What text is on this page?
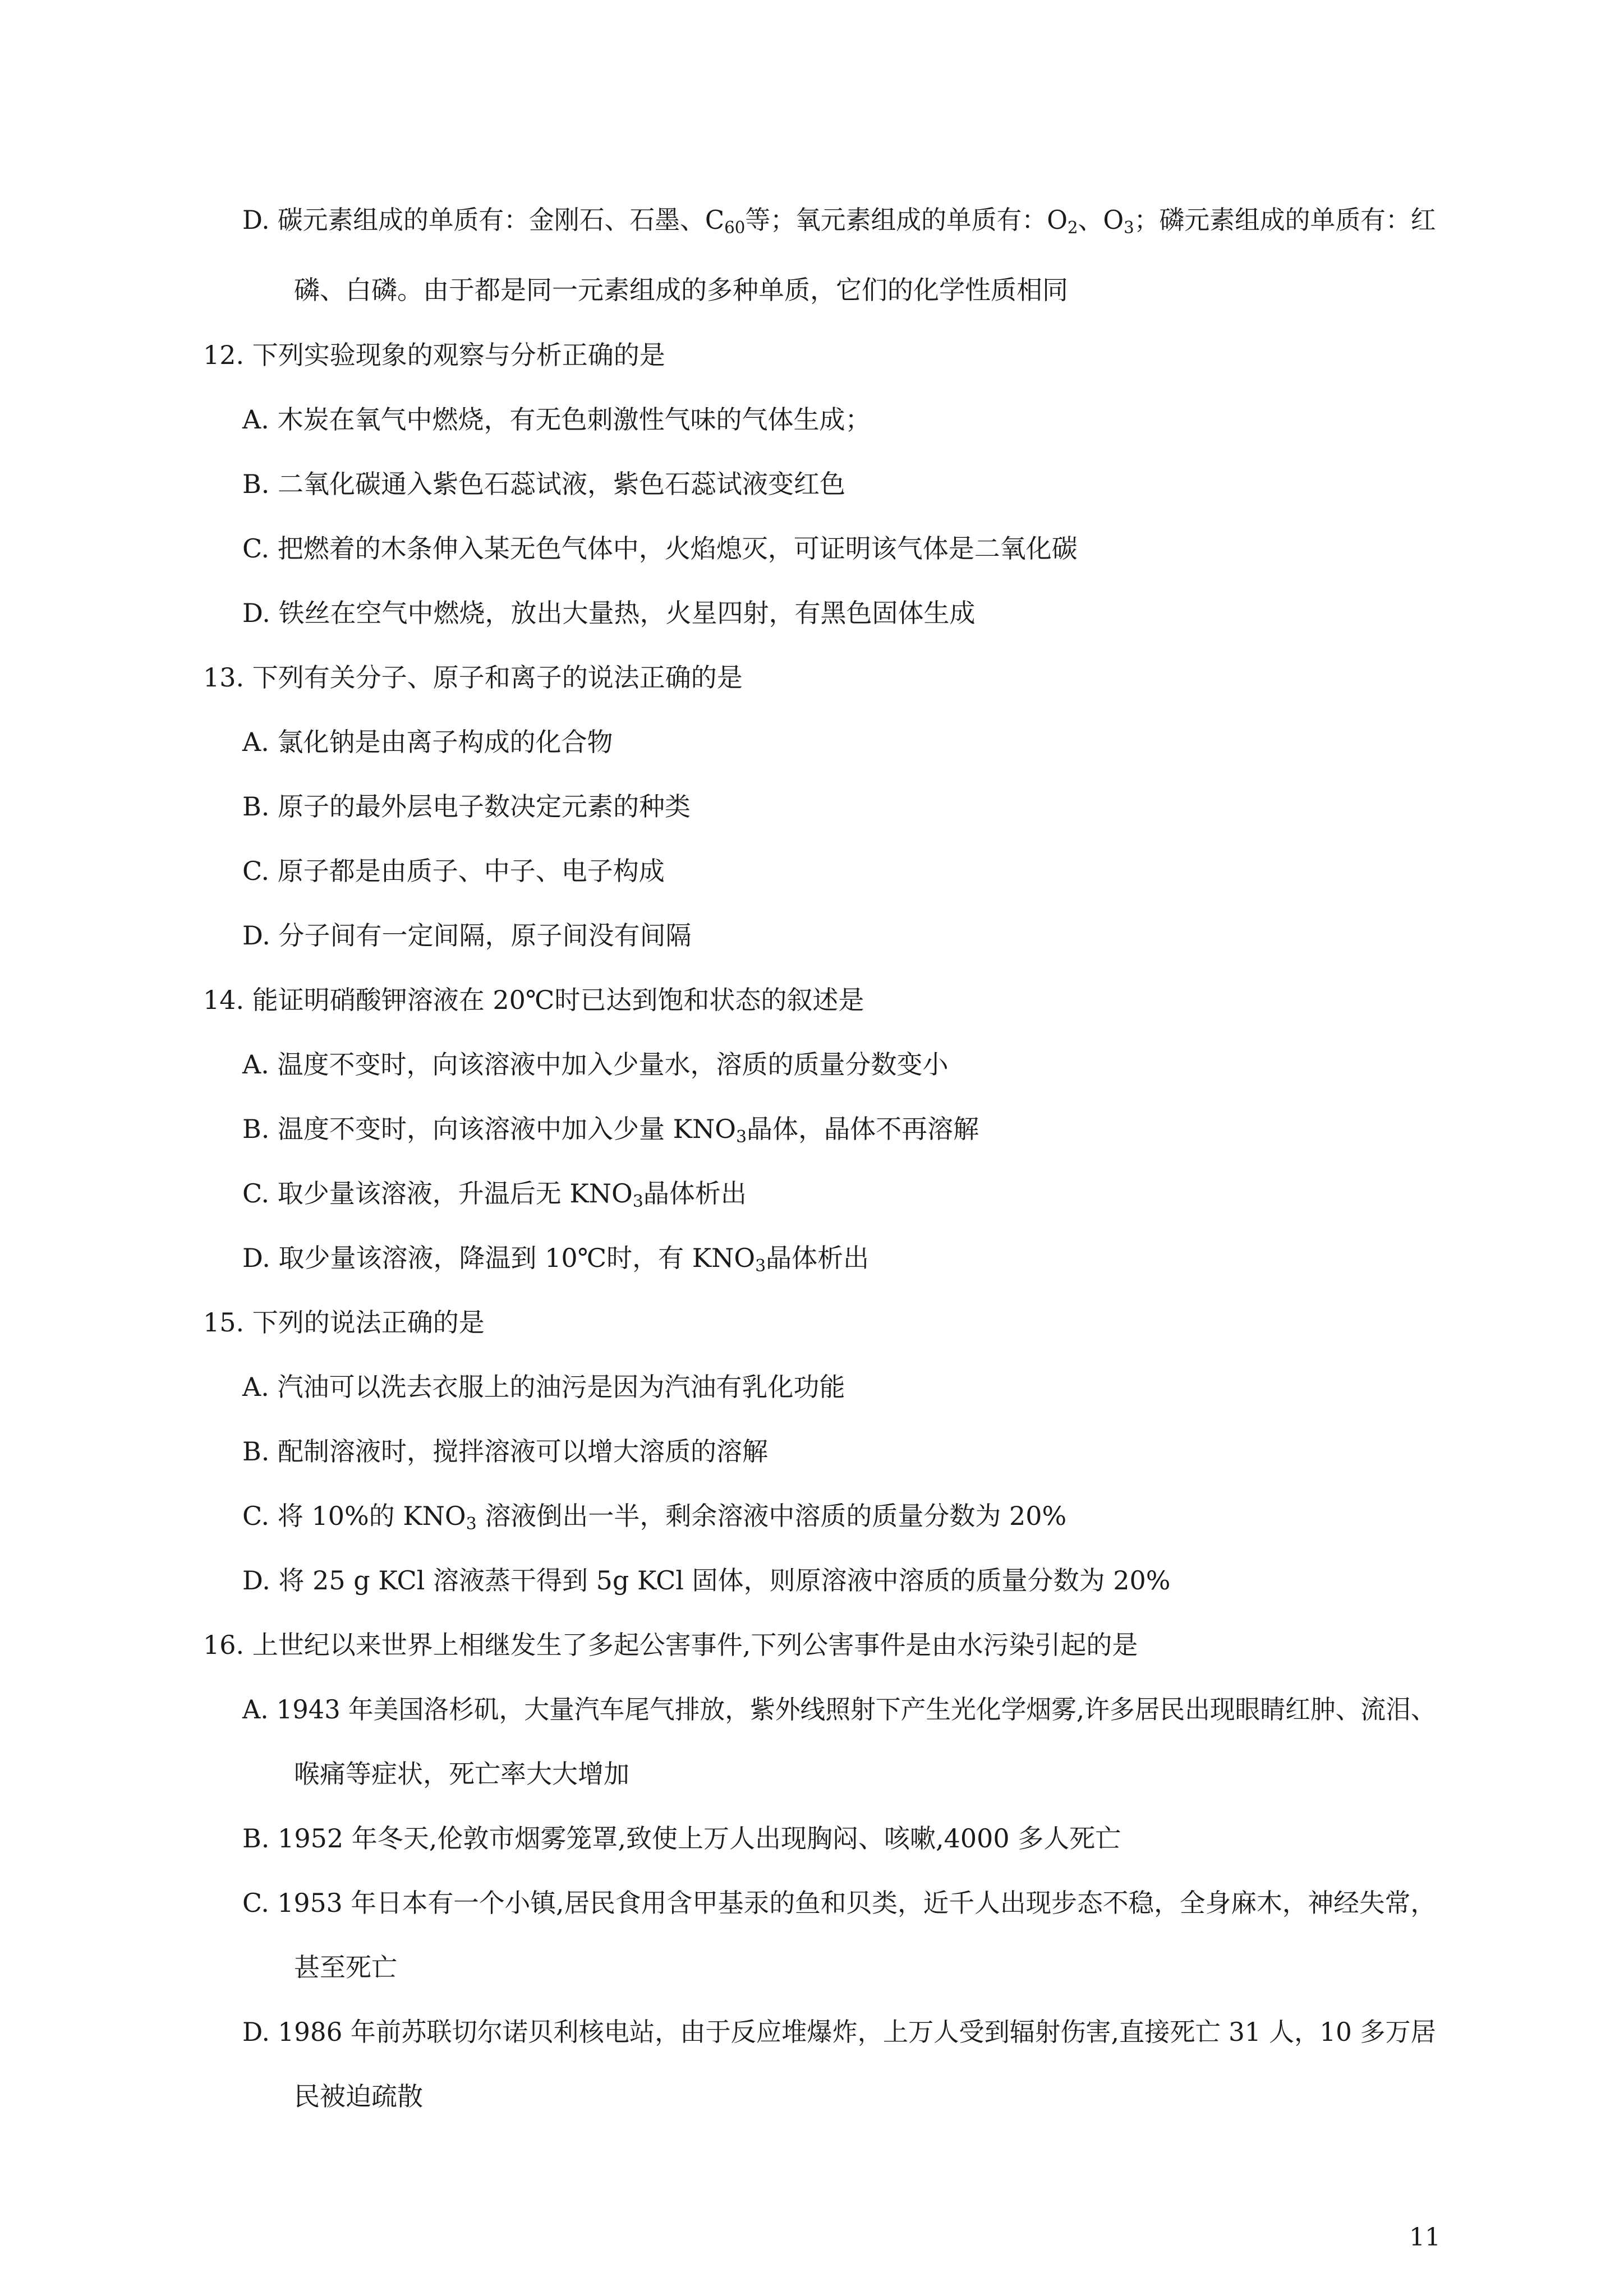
D. 碳元素组成的单质有：金刚石、石墨、$C_{60}$等；氧元素组成的单质有：$O_2$、$O_3$；磷元素组成的单质有：红

磷、白磷。由于都是同一元素组成的多种单质，它们的化学性质相同

12. 下列实验现象的观察与分析正确的是

A. 木炭在氧气中燃烧，有无色刺激性气味的气体生成；

B. 二氧化碳通入紫色石蕊试液，紫色石蕊试液变红色

C. 把燃着的木条伸入某无色气体中，火焰熄灭，可证明该气体是二氧化碳

D. 铁丝在空气中燃烧，放出大量热，火星四射，有黑色固体生成

13. 下列有关分子、原子和离子的说法正确的是

A. 氯化钠是由离子构成的化合物

B. 原子的最外层电子数决定元素的种类

C. 原子都是由质子、中子、电子构成

D. 分子间有一定间隔，原子间没有间隔

14. 能证明硝酸钾溶液在 20℃时已达到饱和状态的叙述是

A. 温度不变时，向该溶液中加入少量水，溶质的质量分数变小

B. 温度不变时，向该溶液中加入少量 $KNO_3$晶体，晶体不再溶解

C. 取少量该溶液，升温后无 $KNO_3$晶体析出

D. 取少量该溶液，降温到 10℃时，有 $KNO_3$晶体析出

15. 下列的说法正确的是

A. 汽油可以洗去衣服上的油污是因为汽油有乳化功能

B. 配制溶液时，搅拌溶液可以增大溶质的溶解

C. 将 10%的 $KNO_3$ 溶液倒出一半，剩余溶液中溶质的质量分数为 20%

D. 将 25 g KCl 溶液蒸干得到 5g KCl 固体，则原溶液中溶质的质量分数为 20%

16. 上世纪以来世界上相继发生了多起公害事件,下列公害事件是由水污染引起的是

A. 1943 年美国洛杉矶，大量汽车尾气排放，紫外线照射下产生光化学烟雾,许多居民出现眼睛红肿、流泪、

喉痛等症状，死亡率大大增加

B. 1952 年冬天,伦敦市烟雾笼罩,致使上万人出现胸闷、咳嗽,4000 多人死亡

C. 1953 年日本有一个小镇,居民食用含甲基汞的鱼和贝类，近千人出现步态不稳，全身麻木，神经失常，

甚至死亡

D. 1986 年前苏联切尔诺贝利核电站，由于反应堆爆炸，上万人受到辐射伤害,直接死亡 31 人，10 多万居

民被迫疏散

11
